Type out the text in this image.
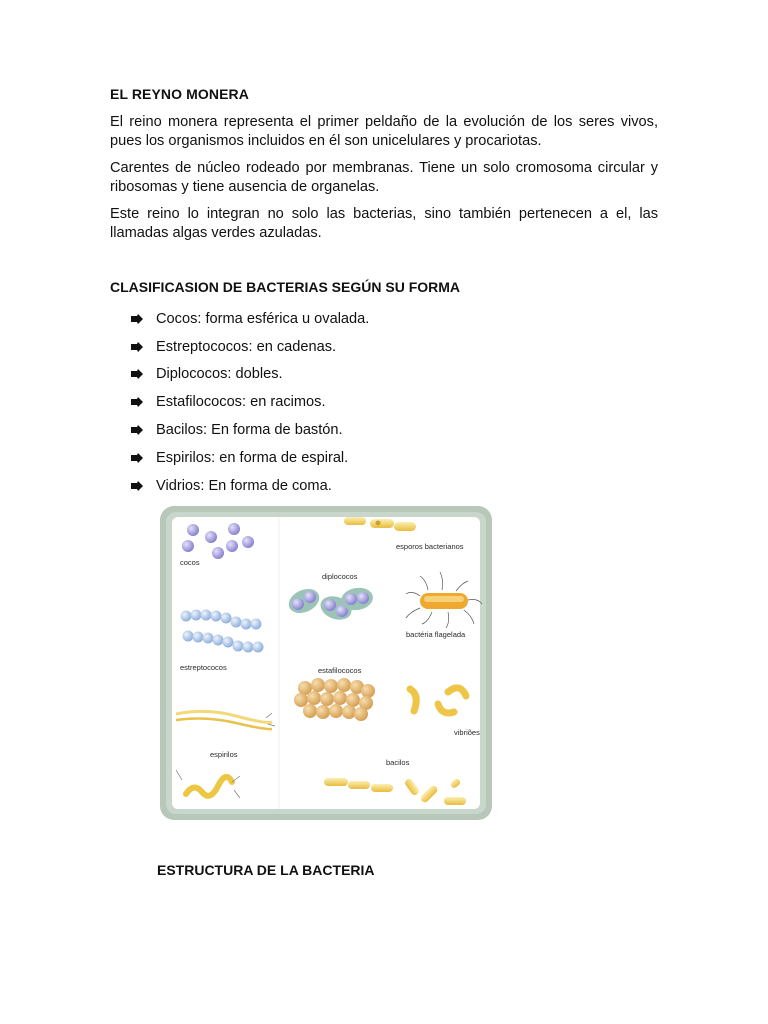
EL REYNO MONERA

El reino monera representa el primer peldaño de la evolución de los seres vivos, pues los organismos incluidos en él son unicelulares y procariotas.

Carentes de núcleo rodeado por membranas. Tiene un solo cromosoma circular y ribosomas y tiene ausencia de organelas.

Este reino lo integran no solo las bacterias, sino también pertenecen a el, las llamadas algas verdes azuladas.

CLASIFICASION DE BACTERIAS SEGÚN SU FORMA
Cocos: forma esférica u ovalada.
Estreptococos: en cadenas.
Diplococos: dobles.
Estafilococos: en racimos.
Bacilos: En forma de bastón.
Espirilos: en forma de espiral.
Vidrios: En forma de coma.
cocos
esporos bacterianos
diplococos
bactéria flagelada
estreptococos	estafilococos
vibriões
espirilos
bacilos
ESTRUCTURA DE LA BACTERIA
